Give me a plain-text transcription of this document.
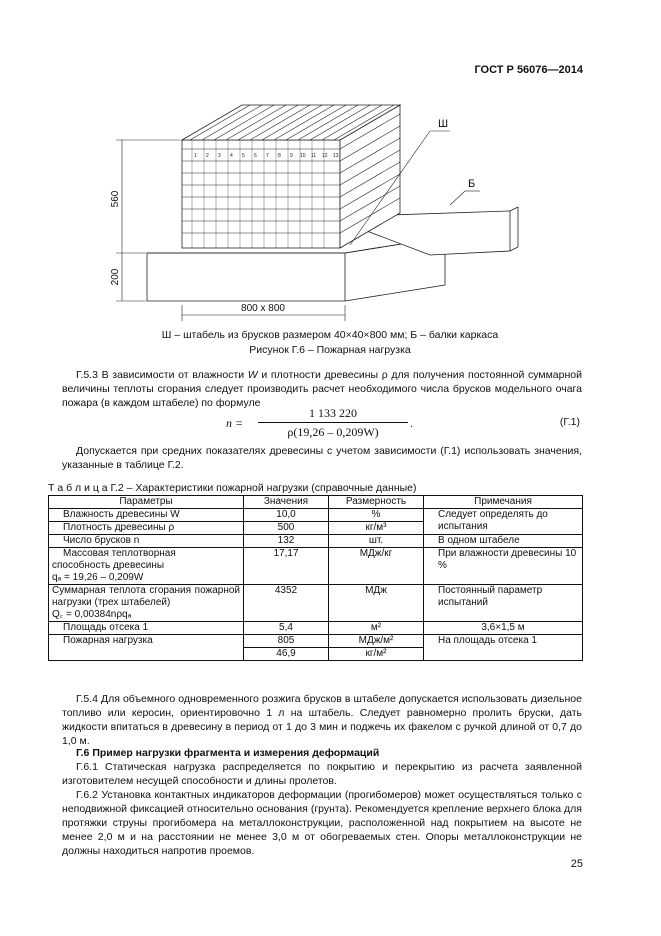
ГОСТ Р 56076—2014
1 2 3 4 5 6 7 8 9 10 11 12 13
560
200
800 x 800
Ш
Б
Ш – штабель из брусков размером 40×40×800 мм; Б – балки каркаса
Рисунок Г.6 – Пожарная нагрузка
Г.5.3 В зависимости от влажности W и плотности древесины ρ для получения постоянной суммарной величины теплоты сгорания следует производить расчет необходимого числа брусков модельного очага пожара (в каждом штабеле) по формуле
$n = \frac{1 133 220}{\rho(19,26 - 0,209W)}$ .	(Г.1)
Допускается при средних показателях древесины с учетом зависимости (Г.1) использовать значения, указанные в таблице Г.2.
Т а б л и ц а Г.2 – Характеристики пожарной нагрузки (справочные данные)
Параметры	Значения	Размерность	Примечания
Влажность древесины W	10,0	%	Следует определять до испытания
Плотность древесины ρ	500	кг/м³	
Число брусков n	132	шт.	В одном штабеле

Массовая теплотворная
способность древесины
qₐ = 19,26 – 0,209W	17,17	МДж/кг	При влажности древесины 10 %

Суммарная теплота сгорания пожарной нагрузки (трех штабелей)
Q꜀ = 0,00384nρqₐ	4352	МДж	Постоянный параметр испытаний
Площадь отсека 1	5,4	м²	3,6×1,5 м
Пожарная нагрузка	805	МДж/м²	На площадь отсека 1
	46,9	кг/м²	
Г.5.4 Для объемного одновременного розжига брусков в штабеле допускается использовать дизельное топливо или керосин, ориентировочно 1 л на штабель. Следует равномерно пролить бруски, дать жидкости впитаться в древесину в период от 1 до 3 мин и поджечь их факелом с ручкой длиной от 0,7 до 1,0 м.
Г.6 Пример нагрузки фрагмента и измерения деформаций
Г.6.1 Статическая нагрузка распределяется по покрытию и перекрытию из расчета заявленной изготовителем несущей способности и длины пролетов.
Г.6.2 Установка контактных индикаторов деформации (прогибомеров) может осуществляться только с неподвижной фиксацией относительно основания (грунта). Рекомендуется крепление верхнего блока для протяжки струны прогибомера на металлоконструкции, расположенной над покрытием на высоте не менее 2,0 м и на расстоянии не менее 3,0 м от обогреваемых стен. Опоры металлоконструкции не должны находиться напротив проемов.
25
